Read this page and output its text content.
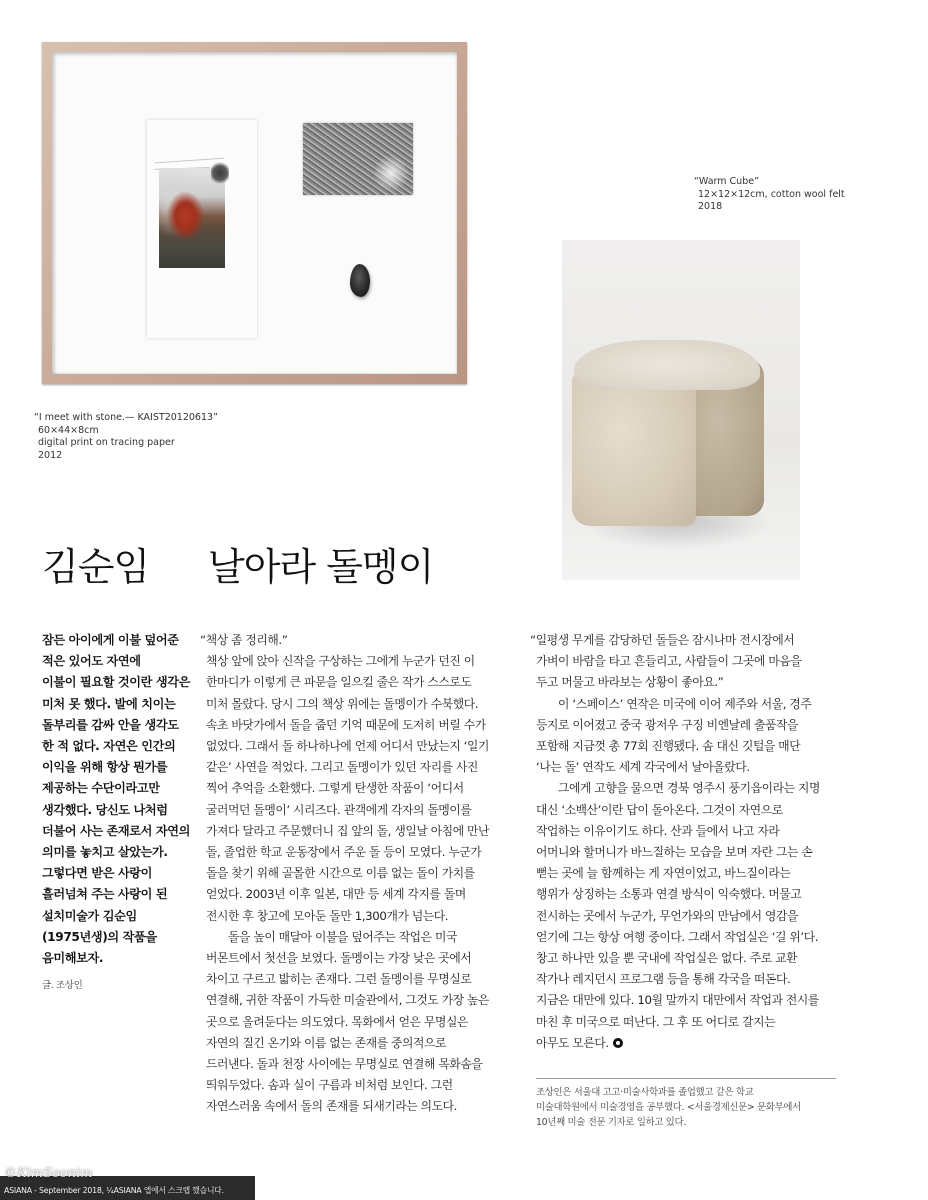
“I meet with stone.— KAIST20120613”
60×44×8cm
digital print on tracing paper
2012
“Warm Cube”
12×12×12cm, cotton wool felt
2018
김순임 날아라 돌멩이
잠든 아이에게 이불 덮어준
적은 있어도 자연에
이불이 필요할 것이란 생각은
미처 못 했다. 발에 치이는
돌부리를 감싸 안을 생각도
한 적 없다. 자연은 인간의
이익을 위해 항상 뭔가를
제공하는 수단이라고만
생각했다. 당신도 나처럼
더불어 사는 존재로서 자연의
의미를 놓치고 살았는가.
그렇다면 받은 사랑이
흘러넘쳐 주는 사랑이 된
설치미술가 김순임
(1975년생)의 작품을
음미해보자.
글. 조상인
“책상 좀 정리해.”
책상 앞에 앉아 신작을 구상하는 그에게 누군가 던진 이
한마디가 이렇게 큰 파문을 일으킬 줄은 작가 스스로도
미처 몰랐다. 당시 그의 책상 위에는 돌멩이가 수북했다.
속초 바닷가에서 돌을 줍던 기억 때문에 도저히 버릴 수가
없었다. 그래서 돌 하나하나에 언제 어디서 만났는지 ‘일기
같은’ 사연을 적었다. 그리고 돌멩이가 있던 자리를 사진
찍어 추억을 소환했다. 그렇게 탄생한 작품이 ‘어디서
굴러먹던 돌멩이’ 시리즈다. 관객에게 각자의 돌멩이를
가져다 달라고 주문했더니 집 앞의 돌, 생일날 아침에 만난
돌, 졸업한 학교 운동장에서 주운 돌 등이 모였다. 누군가
돌을 찾기 위해 골몰한 시간으로 이름 없는 돌이 가치를
얻었다. 2003년 이후 일본, 대만 등 세계 각지를 돌며
전시한 후 창고에 모아둔 돌만 1,300개가 넘는다.
돌을 높이 매달아 이불을 덮어주는 작업은 미국
버몬트에서 첫선을 보였다. 돌멩이는 가장 낮은 곳에서
차이고 구르고 밟히는 존재다. 그런 돌멩이를 무명실로
연결해, 귀한 작품이 가득한 미술관에서, 그것도 가장 높은
곳으로 올려둔다는 의도였다. 목화에서 얻은 무명실은
자연의 질긴 온기와 이름 없는 존재를 중의적으로
드러낸다. 돌과 천장 사이에는 무명실로 연결해 목화솜을
띄워두었다. 솜과 실이 구름과 비처럼 보인다. 그런
자연스러움 속에서 돌의 존재를 되새기라는 의도다.
“일평생 무게를 감당하던 돌들은 잠시나마 전시장에서
가벼이 바람을 타고 흔들리고, 사람들이 그곳에 마음을
두고 머물고 바라보는 상황이 좋아요.”
이 ‘스페이스’ 연작은 미국에 이어 제주와 서울, 경주
등지로 이어졌고 중국 광저우 구징 비엔날레 출품작을
포함해 지금껏 총 77회 진행됐다. 솜 대신 깃털을 매단
‘나는 돌’ 연작도 세계 각국에서 날아올랐다.
그에게 고향을 물으면 경북 영주시 풍기읍이라는 지명
대신 ‘소백산’이란 답이 돌아온다. 그것이 자연으로
작업하는 이유이기도 하다. 산과 들에서 나고 자라
어머니와 할머니가 바느질하는 모습을 보며 자란 그는 손
뻗는 곳에 늘 함께하는 게 자연이었고, 바느질이라는
행위가 상징하는 소통과 연결 방식이 익숙했다. 머물고
전시하는 곳에서 누군가, 무언가와의 만남에서 영감을
얻기에 그는 항상 여행 중이다. 그래서 작업실은 ‘길 위’다.
창고 하나만 있을 뿐 국내에 작업실은 없다. 주로 교환
작가나 레지던시 프로그램 등을 통해 각국을 떠돈다.
지금은 대만에 있다. 10월 말까지 대만에서 작업과 전시를
마친 후 미국으로 떠난다. 그 후 또 어디로 갈지는
아무도 모른다.
조상인은 서울대 고고·미술사학과를 졸업했고 같은 학교
미술대학원에서 미술경영을 공부했다. <서울경제신문> 문화부에서
10년째 미술 전문 기자로 일하고 있다.
©KimSoonim
ASIANA - September 2018, ¼ASIANA 앱에서 스크랩 했습니다.
